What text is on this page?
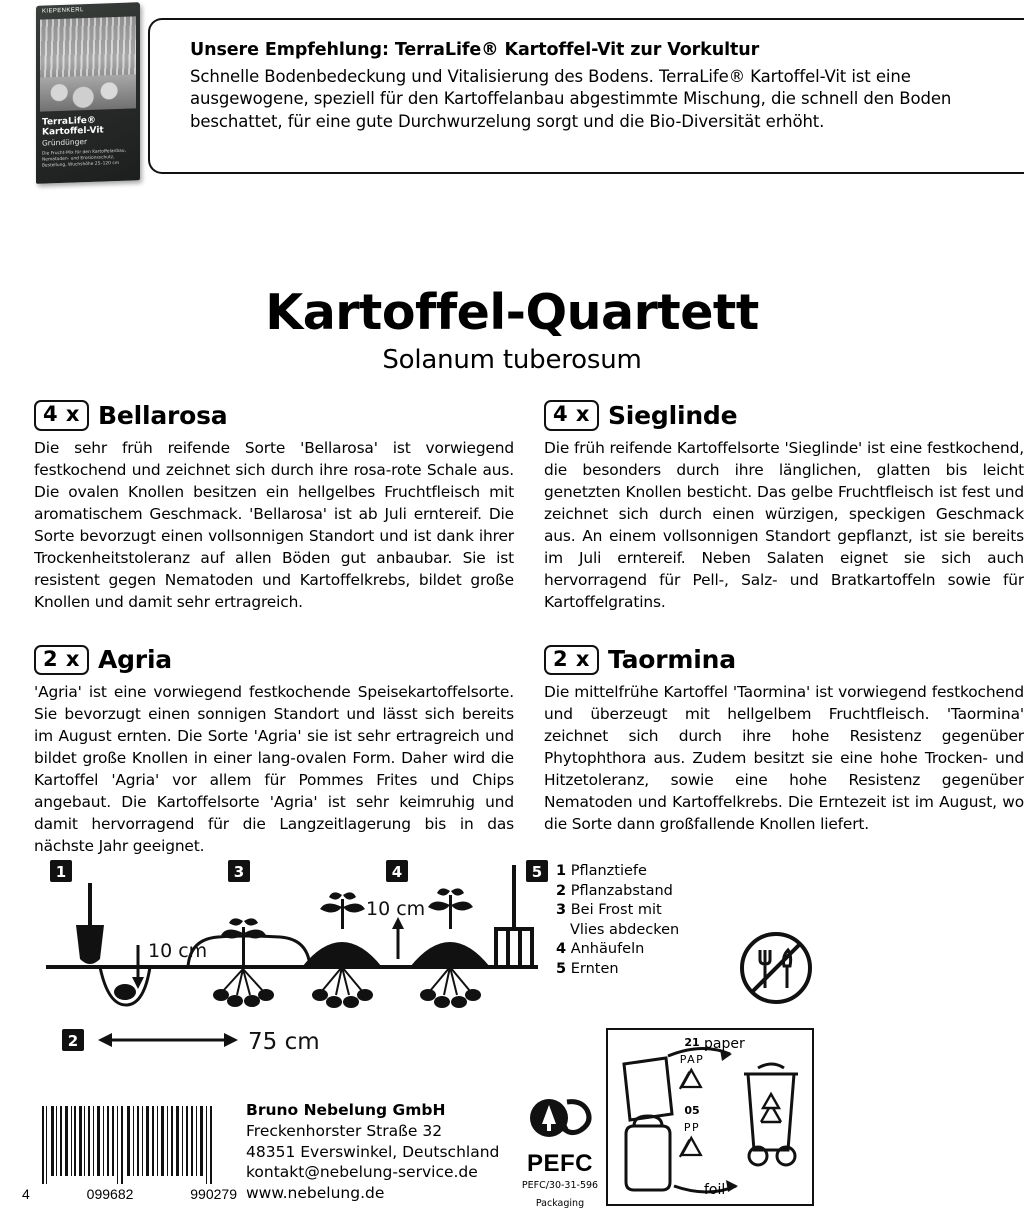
KIEPENKERL
TerraLife® Kartoffel-Vit
Gründünger
Die Frucht-Mix für den Kartoffelanbau, Nematoden- und Erosionsschutz, Bestellung, Wuchshöhe 25–120 cm
Unsere Empfehlung: TerraLife® Kartoffel-Vit zur Vorkultur
Schnelle Bodenbedeckung und Vitalisierung des Bodens. TerraLife® Kartoffel-Vit ist eine ausgewogene, speziell für den Kartoffelanbau abgestimmte Mischung, die schnell den Boden beschattet, für eine gute Durchwurzelung sorgt und die Bio-Diversität erhöht.
Kartoffel-Quartett
Solanum tuberosum
4 x Bellarosa
Die sehr früh reifende Sorte 'Bellarosa' ist vorwiegend festkochend und zeichnet sich durch ihre rosa-rote Schale aus. Die ovalen Knollen besitzen ein hellgelbes Fruchtfleisch mit aromatischem Geschmack. 'Bellarosa' ist ab Juli erntereif. Die Sorte bevorzugt einen vollsonnigen Standort und ist dank ihrer Trockenheitstoleranz auf allen Böden gut anbaubar. Sie ist resistent gegen Nematoden und Kartoffelkrebs, bildet große Knollen und damit sehr ertragreich.
4 x Sieglinde
Die früh reifende Kartoffelsorte 'Sieglinde' ist eine festkochend, die besonders durch ihre länglichen, glatten bis leicht genetzten Knollen besticht. Das gelbe Fruchtfleisch ist fest und zeichnet sich durch einen würzigen, speckigen Geschmack aus. An einem vollsonnigen Standort gepflanzt, ist sie bereits im Juli erntereif. Neben Salaten eignet sie sich auch hervorragend für Pell-, Salz- und Bratkartoffeln sowie für Kartoffelgratins.
2 x Agria
'Agria' ist eine vorwiegend festkochende Speisekartoffelsorte. Sie bevorzugt einen sonnigen Standort und lässt sich bereits im August ernten. Die Sorte 'Agria' sie ist sehr ertragreich und bildet große Knollen in einer lang-ovalen Form. Daher wird die Kartoffel 'Agria' vor allem für Pommes Frites und Chips angebaut. Die Kartoffelsorte 'Agria' ist sehr keimruhig und damit hervorragend für die Langzeitlagerung bis in das nächste Jahr geeignet.
2 x Taormina
Die mittelfrühe Kartoffel 'Taormina' ist vorwiegend festkochend und überzeugt mit hellgelbem Fruchtfleisch. 'Taormina' zeichnet sich durch ihre hohe Resistenz gegenüber Phytophthora aus. Zudem besitzt sie eine hohe Trocken- und Hitzetoleranz, sowie eine hohe Resistenz gegenüber Nematoden und Kartoffelkrebs. Die Erntezeit ist im August, wo die Sorte dann großfallende Knollen liefert.
1
10 cm
3	4
10 cm
5
2	75 cm
1 Pflanztiefe
2 Pflanzabstand
3 Bei Frost mit
Vlies abdecken
4 Anhäufeln
5 Ernten
4	099682	990279
Bruno Nebelung GmbH
Freckenhorster Straße 32
48351 Everswinkel, Deutschland
kontakt@nebelung-service.de
www.nebelung.de
PEFC
PEFC/30-31-596
Packaging
paper
foil
21
PAP
05
PP
